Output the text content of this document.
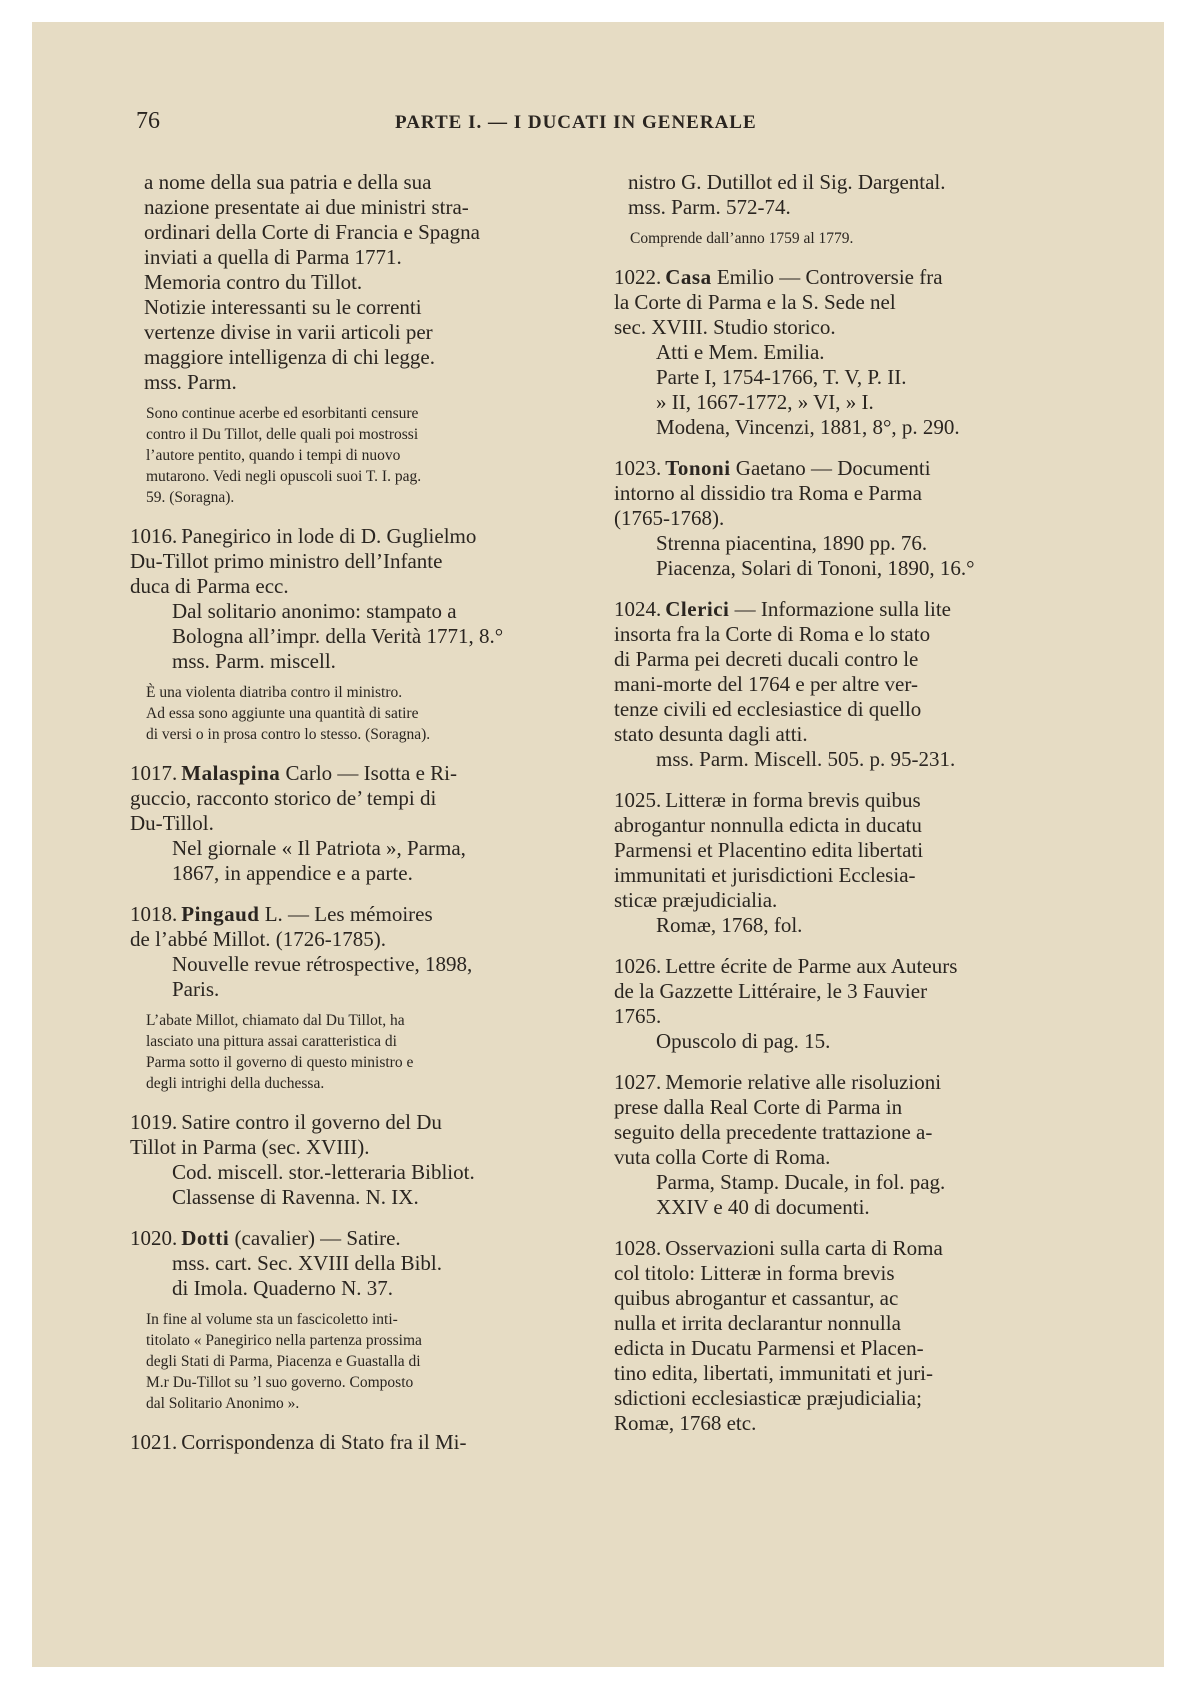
76	PARTE I. — I DUCATI IN GENERALE

a nome della sua patria e della sua

nazione presentate ai due ministri stra-

ordinari della Corte di Francia e Spagna

inviati a quella di Parma 1771.

Memoria contro du Tillot.

Notizie interessanti su le correnti

vertenze divise in varii articoli per

maggiore intelligenza di chi legge.

mss. Parm.

Sono continue acerbe ed esorbitanti censure
contro il Du Tillot, delle quali poi mostrossi
l’autore pentito, quando i tempi di nuovo
mutarono. Vedi negli opuscoli suoi T. I. pag.
59. (Soragna).

1016. Panegirico in lode di D. Guglielmo

Du-Tillot primo ministro dell’Infante

duca di Parma ecc.

Dal solitario anonimo: stampato a

Bologna all’impr. della Verità 1771, 8.°

mss. Parm. miscell.

È una violenta diatriba contro il ministro.
Ad essa sono aggiunte una quantità di satire
di versi o in prosa contro lo stesso. (Soragna).

1017. Malaspina Carlo — Isotta e Ri-

guccio, racconto storico de’ tempi di

Du-Tillol.

Nel giornale « Il Patriota », Parma,

1867, in appendice e a parte.

1018. Pingaud L. — Les mémoires

de l’abbé Millot. (1726-1785).

Nouvelle revue rétrospective, 1898,

Paris.

L’abate Millot, chiamato dal Du Tillot, ha
lasciato una pittura assai caratteristica di
Parma sotto il governo di questo ministro e
degli intrighi della duchessa.

1019. Satire contro il governo del Du

Tillot in Parma (sec. XVIII).

Cod. miscell. stor.-letteraria Bibliot.

Classense di Ravenna. N. IX.

1020. Dotti (cavalier) — Satire.

mss. cart. Sec. XVIII della Bibl.

di Imola. Quaderno N. 37.

In fine al volume sta un fascicoletto inti-
titolato « Panegirico nella partenza prossima
degli Stati di Parma, Piacenza e Guastalla di
M.r Du-Tillot su ’l suo governo. Composto
dal Solitario Anonimo ».

1021. Corrispondenza di Stato fra il Mi-

nistro G. Dutillot ed il Sig. Dargental.

mss. Parm. 572-74.

Comprende dall’anno 1759 al 1779.

1022. Casa Emilio — Controversie fra

la Corte di Parma e la S. Sede nel

sec. XVIII. Studio storico.

Atti e Mem. Emilia.

Parte I, 1754-1766, T. V, P. II.

» II, 1667-1772, » VI, » I.

Modena, Vincenzi, 1881, 8°, p. 290.

1023. Tononi Gaetano — Documenti

intorno al dissidio tra Roma e Parma

(1765-1768).

Strenna piacentina, 1890 pp. 76.

Piacenza, Solari di Tononi, 1890, 16.°

1024. Clerici — Informazione sulla lite

insorta fra la Corte di Roma e lo stato

di Parma pei decreti ducali contro le

mani-morte del 1764 e per altre ver-

tenze civili ed ecclesiastice di quello

stato desunta dagli atti.

mss. Parm. Miscell. 505. p. 95-231.

1025. Litteræ in forma brevis quibus

abrogantur nonnulla edicta in ducatu

Parmensi et Placentino edita libertati

immunitati et jurisdictioni Ecclesia-

sticæ præjudicialia.

Romæ, 1768, fol.

1026. Lettre écrite de Parme aux Auteurs

de la Gazzette Littéraire, le 3 Fauvier

1765.

Opuscolo di pag. 15.

1027. Memorie relative alle risoluzioni

prese dalla Real Corte di Parma in

seguito della precedente trattazione a-

vuta colla Corte di Roma.

Parma, Stamp. Ducale, in fol. pag.

XXIV e 40 di documenti.

1028. Osservazioni sulla carta di Roma

col titolo: Litteræ in forma brevis

quibus abrogantur et cassantur, ac

nulla et irrita declarantur nonnulla

edicta in Ducatu Parmensi et Placen-

tino edita, libertati, immunitati et juri-

sdictioni ecclesiasticæ præjudicialia;

Romæ, 1768 etc.
